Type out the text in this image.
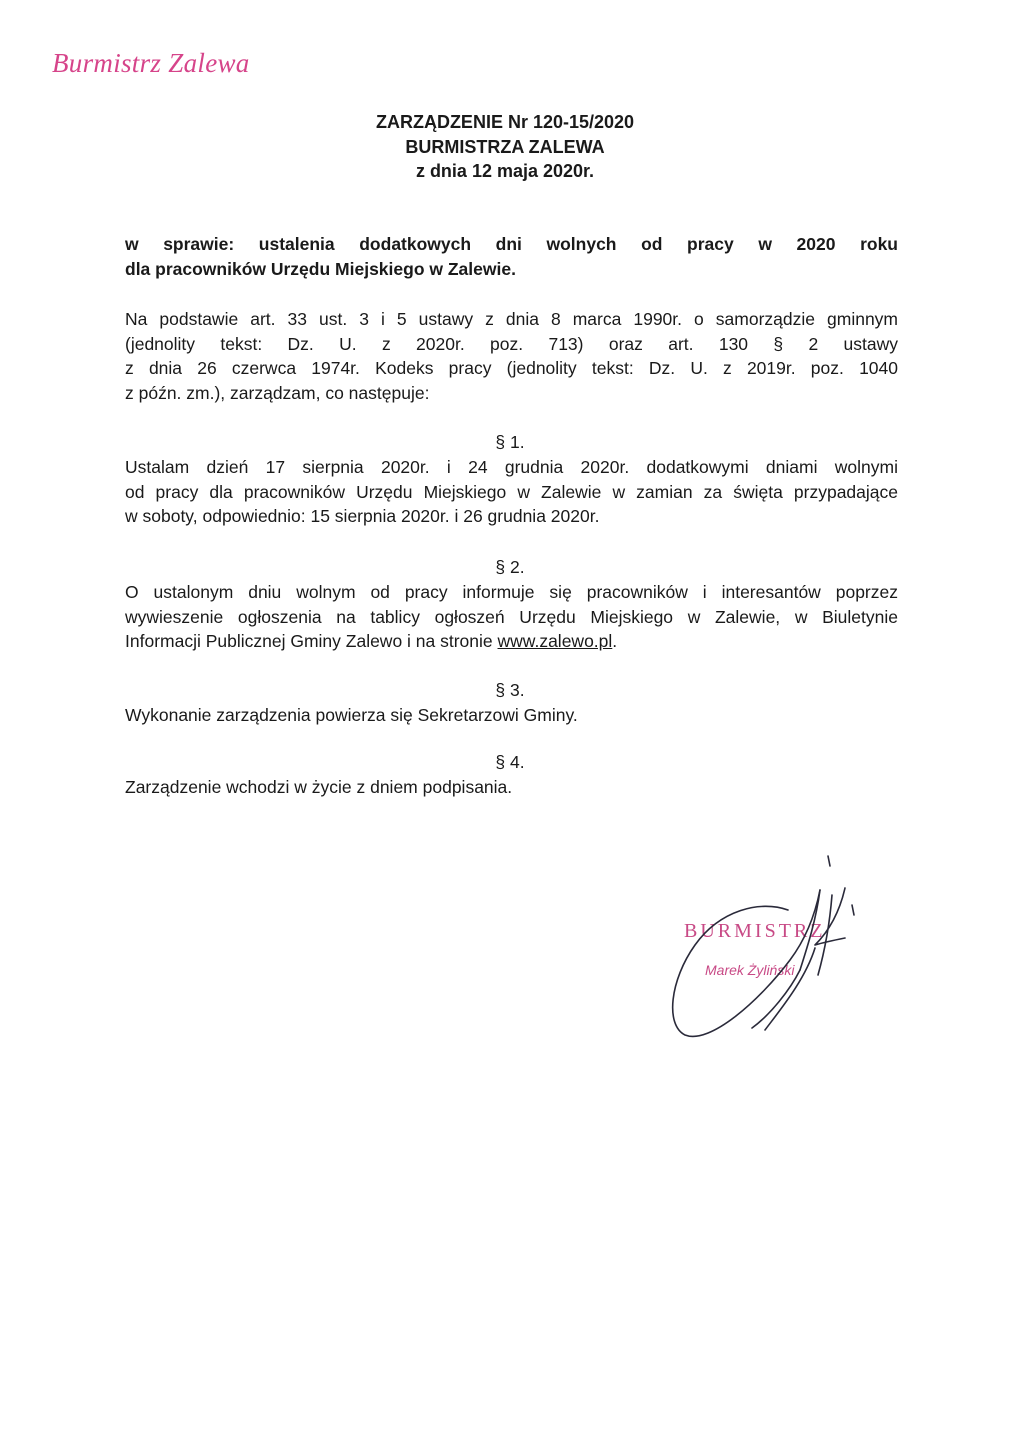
Burmistrz Zalewa
ZARZĄDZENIE Nr 120-15/2020
BURMISTRZA ZALEWA
z dnia 12 maja 2020r.
w sprawie: ustalenia dodatkowych dni wolnych od pracy w 2020 roku
dla pracowników Urzędu Miejskiego w Zalewie.
Na podstawie art. 33 ust. 3 i 5 ustawy z dnia 8 marca 1990r. o samorządzie gminnym
(jednolity tekst: Dz. U. z 2020r. poz. 713) oraz art. 130 § 2 ustawy
z dnia 26 czerwca 1974r. Kodeks pracy (jednolity tekst: Dz. U. z 2019r. poz. 1040
z późn. zm.), zarządzam, co następuje:
§ 1.
Ustalam dzień 17 sierpnia 2020r. i 24 grudnia 2020r. dodatkowymi dniami wolnymi
od pracy dla pracowników Urzędu Miejskiego w Zalewie w zamian za święta przypadające
w soboty, odpowiednio: 15 sierpnia 2020r. i 26 grudnia 2020r.
§ 2.
O ustalonym dniu wolnym od pracy informuje się pracowników i interesantów poprzez
wywieszenie ogłoszenia na tablicy ogłoszeń Urzędu Miejskiego w Zalewie, w Biuletynie
Informacji Publicznej Gminy Zalewo i na stronie www.zalewo.pl.
§ 3.
Wykonanie zarządzenia powierza się Sekretarzowi Gminy.
§ 4.
Zarządzenie wchodzi w życie z dniem podpisania.
BURMISTRZ
Marek Żyliński
